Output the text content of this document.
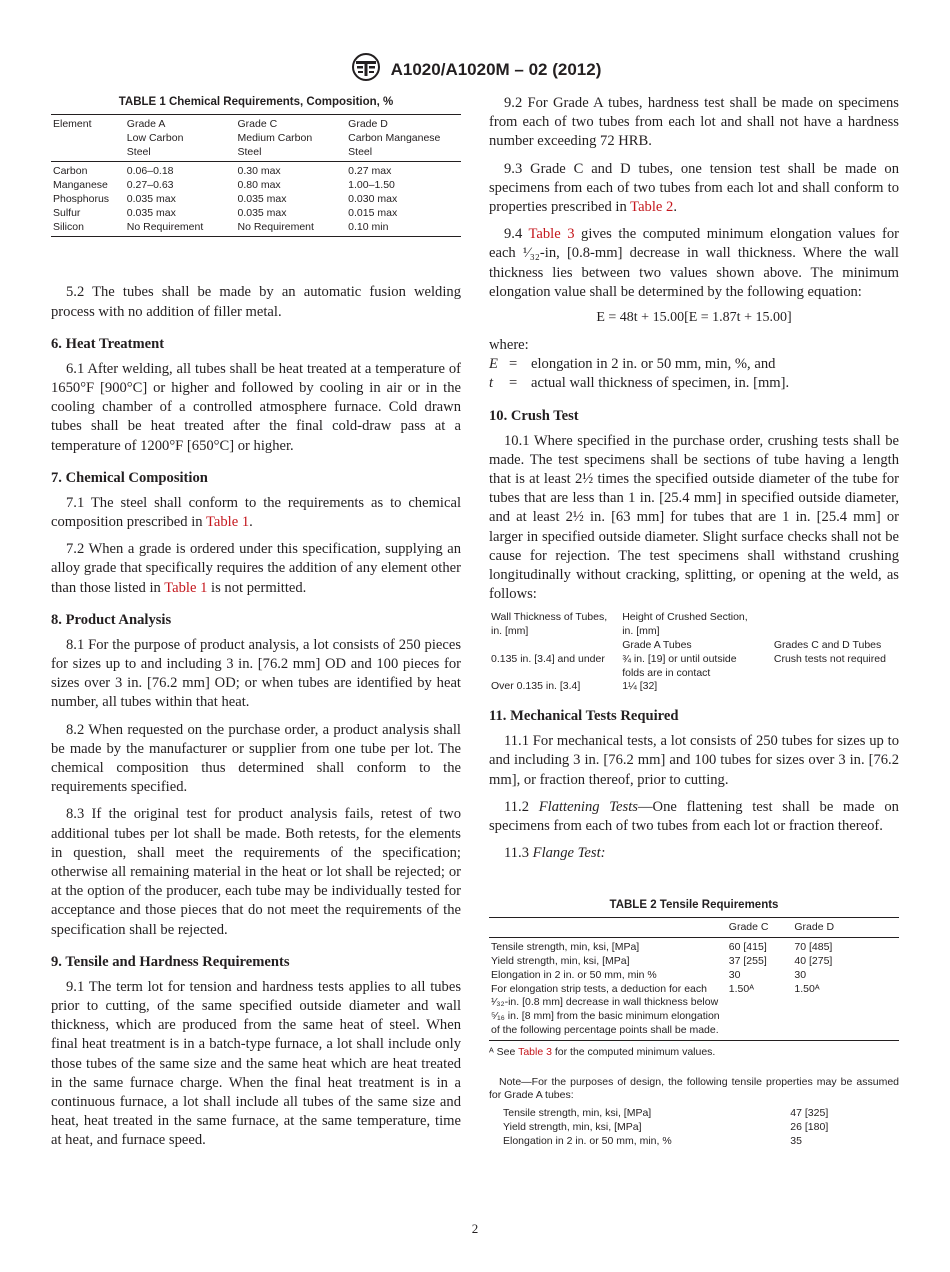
A1020/A1020M – 02 (2012)
TABLE 1 Chemical Requirements, Composition, %
Element	Grade A	Grade C	Grade D
	Low Carbon	Medium Carbon	Carbon Manganese
	Steel	Steel	Steel
Carbon	0.06–0.18	0.30 max	0.27 max
Manganese	0.27–0.63	0.80 max	1.00–1.50
Phosphorus	0.035 max	0.035 max	0.030 max
Sulfur	0.035 max	0.035 max	0.015 max
Silicon	No Requirement	No Requirement	0.10 min

5.2 The tubes shall be made by an automatic fusion welding process with no addition of filler metal.

6. Heat Treatment

6.1 After welding, all tubes shall be heat treated at a temperature of 1650°F [900°C] or higher and followed by cooling in air or in the cooling chamber of a controlled atmosphere furnace. Cold drawn tubes shall be heat treated after the final cold-draw pass at a temperature of 1200°F [650°C] or higher.

7. Chemical Composition

7.1 The steel shall conform to the requirements as to chemical composition prescribed in Table 1.

7.2 When a grade is ordered under this specification, supplying an alloy grade that specifically requires the addition of any element other than those listed in Table 1 is not permitted.

8. Product Analysis

8.1 For the purpose of product analysis, a lot consists of 250 pieces for sizes up to and including 3 in. [76.2 mm] OD and 100 pieces for sizes over 3 in. [76.2 mm] OD; or when tubes are identified by heat number, all tubes within that heat.

8.2 When requested on the purchase order, a product analysis shall be made by the manufacturer or supplier from one tube per lot. The chemical composition thus determined shall conform to the requirements specified.

8.3 If the original test for product analysis fails, retest of two additional tubes per lot shall be made. Both retests, for the elements in question, shall meet the requirements of the specification; otherwise all remaining material in the heat or lot shall be rejected; or at the option of the producer, each tube may be individually tested for acceptance and those pieces that do not meet the requirements of the specification shall be rejected.

9. Tensile and Hardness Requirements

9.1 The term lot for tension and hardness tests applies to all tubes prior to cutting, of the same specified outside diameter and wall thickness, which are produced from the same heat of steel. When final heat treatment is in a batch-type furnace, a lot shall include only those tubes of the same size and the same heat which are heat treated in the same furnace charge. When the final heat treatment is in a continuous furnace, a lot shall include all tubes of the same size and heat, heat treated in the same furnace, at the same temperature, time at heat, and furnace speed.

9.2 For Grade A tubes, hardness test shall be made on specimens from each of two tubes from each lot and shall not have a hardness number exceeding 72 HRB.

9.3 Grade C and D tubes, one tension test shall be made on specimens from each of two tubes from each lot and shall conform to properties prescribed in Table 2.

9.4 Table 3 gives the computed minimum elongation values for each ¹⁄₃₂-in, [0.8-mm] decrease in wall thickness. Where the wall thickness lies between two values shown above. The minimum elongation value shall be determined by the following equation:

E = 48t + 15.00[E = 1.87t + 15.00]
where:
E = elongation in 2 in. or 50 mm, min, %, and
t	= actual wall thickness of specimen, in. [mm].
10. Crush Test

10.1 Where specified in the purchase order, crushing tests shall be made. The test specimens shall be sections of tube having a length that is at least 2½ times the specified outside diameter of the tube for tubes that are less than 1 in. [25.4 mm] in specified outside diameter, and at least 2½ in. [63 mm] for tubes that are 1 in. [25.4 mm] or larger in specified outside diameter. Slight surface checks shall not be cause for rejection. The test specimens shall withstand crushing longitudinally without cracking, splitting, or opening at the weld, as follows:

Wall Thickness of Tubes,	Height of Crushed Section,	
in. [mm]	in. [mm]	
	Grade A Tubes	Grades C and D Tubes
0.135 in. [3.4] and under	¾ in. [19] or until outside	Crush tests not required
	folds are in contact	
Over 0.135 in. [3.4]	1¼ [32]	
11. Mechanical Tests Required

11.1 For mechanical tests, a lot consists of 250 tubes for sizes up to and including 3 in. [76.2 mm] and 100 tubes for sizes over 3 in. [76.2 mm], or fraction thereof, prior to cutting.

11.2 Flattening Tests—One flattening test shall be made on specimens from each of two tubes from each lot or fraction thereof.

11.3 Flange Test:

TABLE 2 Tensile Requirements
	Grade C	Grade D
Tensile strength, min, ksi, [MPa]	60 [415]	70 [485]
Yield strength, min, ksi, [MPa]	37 [255]	40 [275]
Elongation in 2 in. or 50 mm, min %	30	30
For elongation strip tests, a deduction for each ¹⁄₃₂-in. [0.8 mm] decrease in wall thickness below ⁵⁄₁₆ in. [8 mm] from the basic minimum elongation of the following percentage points shall be made.	1.50ᴬ	1.50ᴬ
ᴬ See Table 3 for the computed minimum values.
Note—For the purposes of design, the following tensile properties may be assumed for Grade A tubes:
Tensile strength, min, ksi, [MPa]	47 [325]
Yield strength, min, ksi, [MPa]	26 [180]
Elongation in 2 in. or 50 mm, min, %	35
2
